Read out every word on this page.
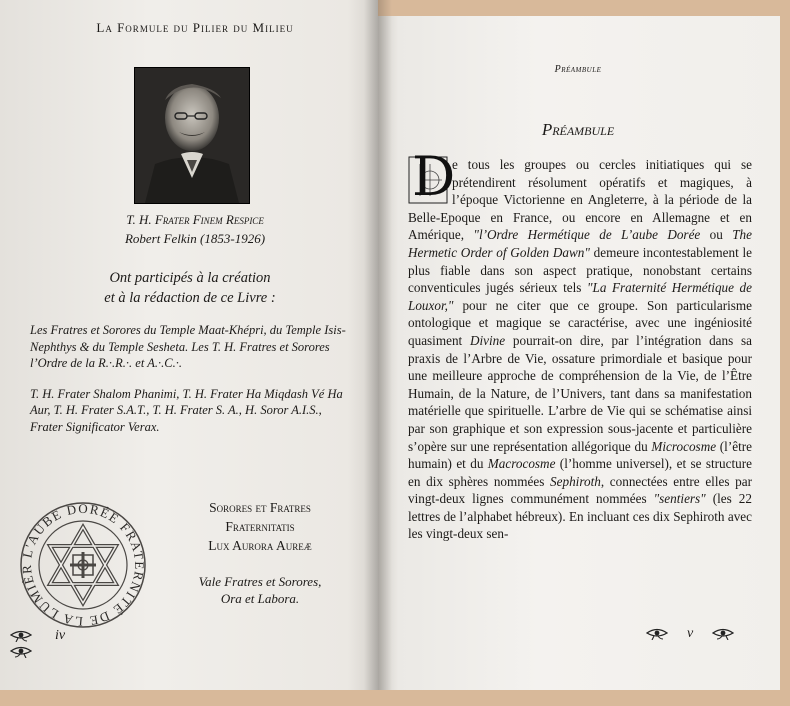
La Formule du Pilier du Milieu
T. H. Frater Finem Respice
Robert Felkin (1853-1926)
Ont participés à la création
et à la rédaction de ce Livre :

Les Fratres et Sorores du Temple Maat-Khépri, du Temple Isis-Nephthys & du Temple Sesheta. Les T. H. Fratres et Sorores l’Ordre de la R.·.R.·. et A.·.C.·.

T. H. Frater Shalom Phanimi, T. H. Frater Ha Miqdash Vé Ha Aur, T. H. Frater S.A.T., T. H. Frater S. A., H. Soror A.I.S., Frater Significator Verax.

L'AUBE DORÉE FRATERNITÉ DE LA LUMIÈR
Sorores et Fratres
Fraternitatis
Lux Aurora Aureæ
Vale Fratres et Sorores,
Ora et Labora.
iv
Préambule
Préambule
D

e tous les groupes ou cercles initiatiques qui se prétendirent résolument opératifs et magiques, à l’époque Victorienne en Angleterre, à la période de la Belle-Epoque en France, ou encore en Allemagne et en Amérique, "l’Ordre Hermétique de L’aube Dorée ou The Hermetic Order of Golden Dawn" demeure incontestablement le plus fiable dans son aspect pratique, nonobstant certains conventicules jugés sérieux tels "La Fraternité Hermétique de Louxor," pour ne citer que ce groupe. Son particularisme ontologique et magique se caractérise, avec une ingéniosité quasiment Divine pourrait-on dire, par l’intégration dans sa praxis de l’Arbre de Vie, ossature primordiale et basique pour une meilleure approche de compréhension de la Vie, de l’Être Humain, de la Nature, de l’Univers, tant dans sa manifestation matérielle que spirituelle. L’arbre de Vie qui se schématise ainsi par son graphique et son expression sous-jacente et particulière s’opère sur une représentation allégorique du Microcosme (l’être humain) et du Macrocosme (l’homme universel), et se structure en dix sphères nommées Sephiroth, connectées entre elles par vingt-deux lignes communément nommées "sentiers" (les 22 lettres de l’alphabet hébreux). En incluant ces dix Sephiroth avec les vingt-deux sen-

v
